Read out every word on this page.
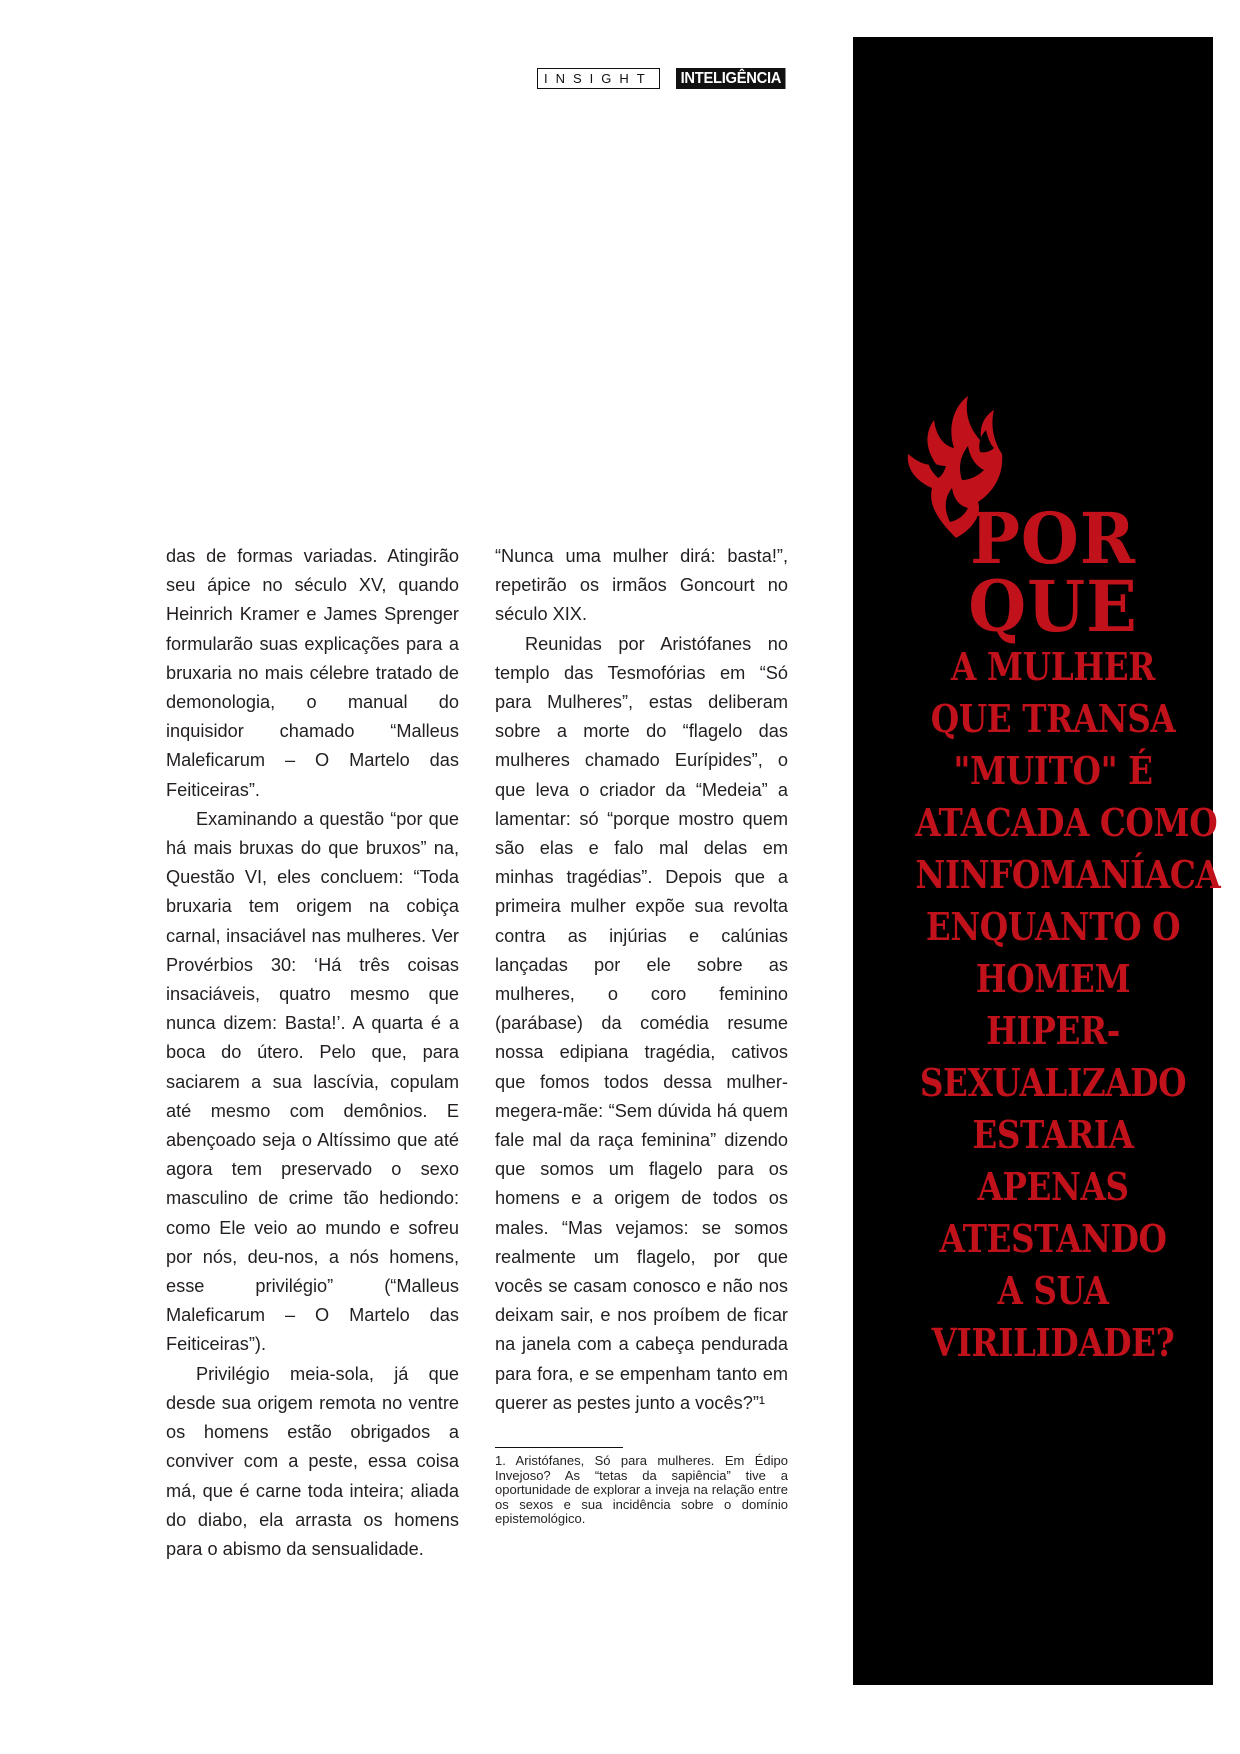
INSIGHT	INTELIGÊNCIA

das de formas variadas. Atingirão seu ápice no século XV, quando Heinrich Kramer e James Sprenger formularão suas explicações para a bruxaria no mais célebre tratado de demonologia, o manual do inquisidor chamado “Malleus Maleficarum – O Martelo das Feiticeiras”.

Examinando a questão “por que há mais bruxas do que bruxos” na, Questão VI, eles concluem: “Toda bruxaria tem origem na cobiça carnal, insaciável nas mulheres. Ver Provérbios 30: ‘Há três coisas insaciáveis, quatro mesmo que nunca dizem: Basta!’. A quarta é a boca do útero. Pelo que, para saciarem a sua lascívia, copulam até mesmo com demônios. E abençoado seja o Altíssimo que até agora tem preservado o sexo masculino de crime tão hediondo: como Ele veio ao mundo e sofreu por nós, deu-nos, a nós homens, esse privilégio” (“Malleus Maleficarum – O Martelo das Feiticeiras”).

Privilégio meia-sola, já que desde sua origem remota no ventre os homens estão obrigados a conviver com a peste, essa coisa má, que é carne toda inteira; aliada do diabo, ela arrasta os homens para o abismo da sensualidade.

“Nunca uma mulher dirá: basta!”, repetirão os irmãos Goncourt no século XIX.

Reunidas por Aristófanes no templo das Tesmofórias em “Só para Mulheres”, estas deliberam sobre a morte do “flagelo das mulheres chamado Eurípides”, o que leva o criador da “Medeia” a lamentar: só “porque mostro quem são elas e falo mal delas em minhas tragédias”. Depois que a primeira mulher expõe sua revolta contra as injúrias e calúnias lançadas por ele sobre as mulheres, o coro feminino (parábase) da comédia resume nossa edipiana tragédia, cativos que fomos todos dessa mulher-megera-mãe: “Sem dúvida há quem fale mal da raça feminina” dizendo que somos um flagelo para os homens e a origem de todos os males. “Mas vejamos: se somos realmente um flagelo, por que vocês se casam conosco e não nos deixam sair, e nos proíbem de ficar na janela com a cabeça pendurada para fora, e se empenham tanto em querer as pestes junto a vocês?”¹

1. Aristófanes, Só para mulheres. Em Édipo Invejoso? As “tetas da sapiência” tive a oportunidade de explorar a inveja na relação entre os sexos e sua incidência sobre o domínio epistemológico.
POR
QUE
A MULHER
QUE TRANSA
"MUITO" É
ATACADA COMO
NINFOMANÍACA
ENQUANTO O
HOMEM
HIPER-
SEXUALIZADO
ESTARIA
APENAS
ATESTANDO
A SUA
VIRILIDADE?
